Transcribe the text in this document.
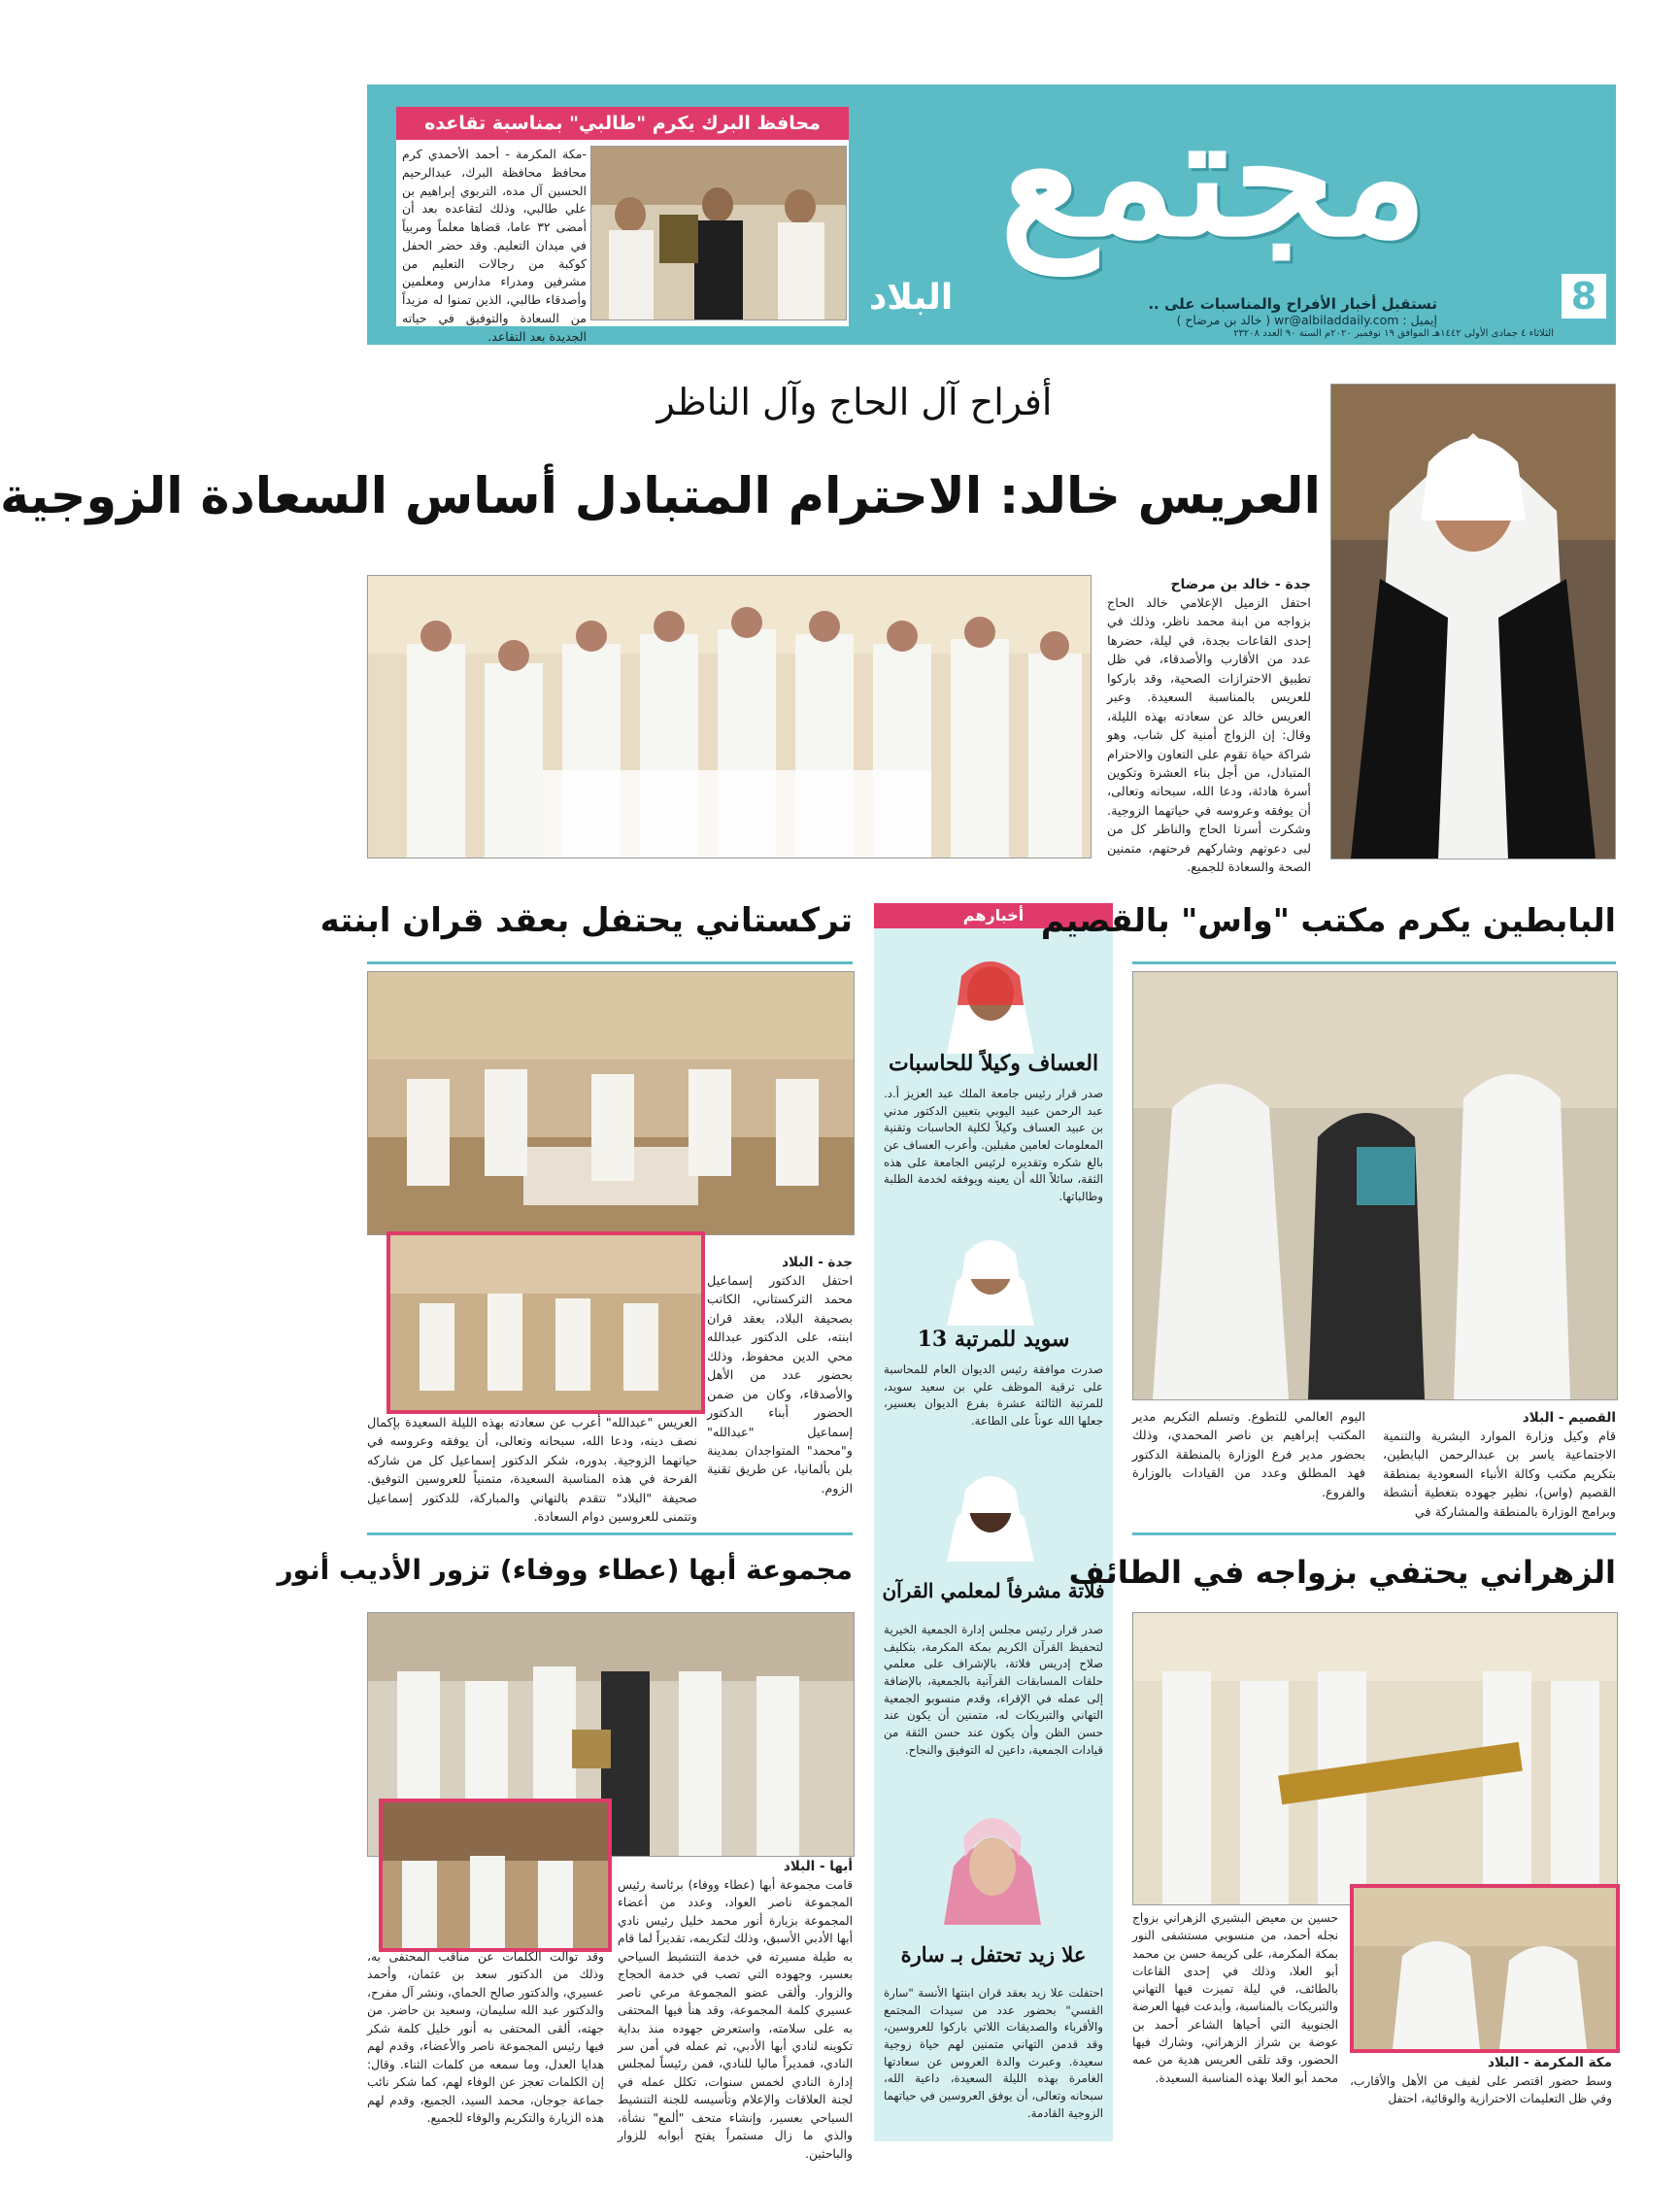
مجتمع
8
البلاد	تستقبل أخبار الأفراح والمناسبات على ..
إيميل : wr@albiladdaily.com ( خالد بن مرضاح )
الثلاثاء ٤ جمادى الأولى ١٤٤٢هـ الموافق ١٩ نوفمبر ٢٠٢٠م السنة ٩٠ العدد ٢٣٢٠٨
محافظ البرك يكرم "طالبي" بمناسبة تقاعده
-مكة المكرمة - أحمد الأحمدي كرم محافظ محافظة البرك، عبدالرحيم الحسين آل مده، التربوي إبراهيم بن علي طالبي، وذلك لتقاعده بعد أن أمضى ٣٢ عاما، قضاها معلماً ومربياً في ميدان التعليم. وقد حضر الحفل كوكبة من رجالات التعليم من مشرفين ومدراء مدارس ومعلمين وأصدقاء طالبي، الذين تمنوا له مزيداً من السعادة والتوفيق في حياته الجديدة بعد التقاعد.
أفراح آل الحاج وآل الناظر
العريس خالد: الاحترام المتبادل أساس السعادة الزوجية
جدة - خالد بن مرضاح
احتفل الزميل الإعلامي خالد الحاج بزواجه من ابنة محمد ناظر، وذلك في إحدى القاعات بجدة، في ليلة، حضرها عدد من الأقارب والأصدقاء، في ظل تطبيق الاحترازات الصحية، وقد باركوا للعريس بالمناسبة السعيدة. وعبر العريس خالد عن سعادته بهذه الليلة، وقال: إن الزواج أمنية كل شاب، وهو شراكة حياة تقوم على التعاون والاحترام المتبادل، من أجل بناء العشرة وتكوين أسرة هادئة، ودعا الله، سبحانه وتعالى، أن يوفقه وعروسه في حياتهما الزوجية. وشكرت أسرتا الحاج والناظر كل من لبى دعوتهم وشاركهم فرحتهم، متمنين الصحة والسعادة للجميع.
تركستاني يحتفل بعقد قران ابنته
جدة - البلاد
احتفل الدكتور إسماعيل محمد التركستاني، الكاتب بصحيفة البلاد، بعقد قران ابنته، على الدكتور عبدالله محي الدين محفوظ، وذلك بحضور عدد من الأهل والأصدقاء، وكان من ضمن الحضور أبناء الدكتور إسماعيل "عبدالله" و"محمد" المتواجدان بمدينة بلن بألمانيا، عن طريق تقنية الزوم.
العريس "عبدالله" أعرب عن سعادته بهذه الليلة السعيدة بإكمال نصف دينه، ودعا الله، سبحانه وتعالى، أن يوفقه وعروسه في حياتهما الزوجية. بدوره، شكر الدكتور إسماعيل كل من شاركه الفرحة في هذه المناسبة السعيدة، متمنياً للعروسين التوفيق. صحيفة "البلاد" تتقدم بالتهاني والمباركة، للدكتور إسماعيل وتتمنى للعروسين دوام السعادة.
أخبارهم
العساف وكيلاً للحاسبات
صدر قرار رئيس جامعة الملك عبد العزيز أ.د. عبد الرحمن عبيد اليوبي بتعيين الدكتور مدني بن عبيد العساف وكيلاً لكلية الحاسبات وتقنية المعلومات لعامين مقبلين. وأعرب العساف عن بالغ شكره وتقديره لرئيس الجامعة على هذه الثقة، سائلاً الله أن يعينه ويوفقه لخدمة الطلبة وطالباتها.
سويد للمرتبة 13
صدرت موافقة رئيس الديوان العام للمحاسبة على ترقية الموظف علي بن سعيد سويد، للمرتبة الثالثة عشرة بفرع الديوان بعسير، جعلها الله عوناً على الطاعة.
فلاتة مشرفاً لمعلمي القرآن
صدر قرار رئيس مجلس إدارة الجمعية الخيرية لتحفيظ القرآن الكريم بمكة المكرمة، بتكليف صلاح إدريس فلاتة، بالإشراف على معلمي حلقات المسابقات القرآنية بالجمعية، بالإضافة إلى عمله في الإقراء، وقدم منسوبو الجمعية التهاني والتبريكات له، متمنين أن يكون عند حسن الظن وأن يكون عند حسن الثقة من قيادات الجمعية، داعين له التوفيق والنجاح.
علا زيد تحتفل بـ سارة
احتفلت علا زيد بعقد قران ابنتها الأنسة "سارة القسي" بحضور عدد من سيدات المجتمع والأقرباء والصديقات اللاتي باركوا للعروسين، وقد قدمن التهاني متمنين لهم حياة زوجية سعيدة. وعبرت والدة العروس عن سعادتها الغامرة بهذه الليلة السعيدة، داعية الله، سبحانه وتعالى، أن يوفق العروسين في حياتهما الزوجية القادمة.
البابطين يكرم مكتب "واس" بالقصيم
القصيم - البلاد
قام وكيل وزارة الموارد البشرية والتنمية الاجتماعية ياسر بن عبدالرحمن البابطين، بتكريم مكتب وكالة الأنباء السعودية بمنطقة القصيم (واس)، نظير جهوده بتغطية أنشطة وبرامج الوزارة بالمنطقة والمشاركة في
اليوم العالمي للتطوع. وتسلم التكريم مدير المكتب إبراهيم بن ناصر المحمدي، وذلك بحضور مدير فرع الوزارة بالمنطقة الدكتور فهد المطلق وعدد من القيادات بالوزارة والفروع.
مجموعة أبها (عطاء ووفاء) تزور الأديب أنور
أبها - البلاد
قامت مجموعة أبها (عطاء ووفاء) برئاسة رئيس المجموعة ناصر العواد، وعدد من أعضاء المجموعة بزيارة أنور محمد خليل رئيس نادي أبها الأدبي الأسبق، وذلك لتكريمه، تقديراً لما قام به طيلة مسيرته في خدمة التنشيط السياحي بعسير، وجهوده التي تصب في خدمة الحجاج والزوار. وألقى عضو المجموعة مرعي ناصر عسيري كلمة المجموعة، وقد هنأ فيها المحتفى به على سلامته، واستعرض جهوده منذ بداية تكوينه لنادي أبها الأدبي، ثم عمله في أمن سر النادي، فمديراً ماليا للنادي، فمن رئيساً لمجلس إدارة النادي لخمس سنوات، تكلل عمله في لجنة العلاقات والإعلام وتأسيسه للجنة التنشيط السياحي بعسير، وإنشاء متحف "ألمع" نشأة، والذي ما زال مستمراً يفتح أبوابه للزوار والباحثين.
وقد توالت الكلمات عن مناقب المحتفى به، وذلك من الدكتور سعد بن عثمان، وأحمد عسيري، والدكتور صالح الحماي، ونشر آل مفرح، والدكتور عبد الله سليمان، وسعيد بن حاضر. من جهته، ألقى المحتفى به أنور خليل كلمة شكر فيها رئيس المجموعة ناصر والأعضاء، وقدم لهم هدايا العدل، وما سمعه من كلمات الثناء. وقال: إن الكلمات تعجز عن الوفاء لهم، كما شكر نائب جماعة جوجان، محمد السيد، الجميع، وقدم لهم هذه الزيارة والتكريم والوفاء للجميع.
الزهراني يحتفي بزواجه في الطائف
حسين بن معيض البشيري الزهراني بزواج نجله أحمد، من منسوبي مستشفى النور بمكة المكرمة، على كريمة حسن بن محمد أبو العلا، وذلك في إحدى القاعات بالطائف، في ليلة تميزت فيها التهاني والتبريكات بالمناسبة، وأبدعت فيها العرضة الجنوبية التي أحياها الشاعر أحمد بن عوضة بن شراز الزهراني، وشارك فيها الحضور، وقد تلقى العريس هدية من عمه محمد أبو العلا بهذه المناسبة السعيدة.
مكة المكرمة - البلاد
وسط حضور اقتصر على لفيف من الأهل والأقارب، وفي ظل التعليمات الاحترازية والوقائية، احتفل
